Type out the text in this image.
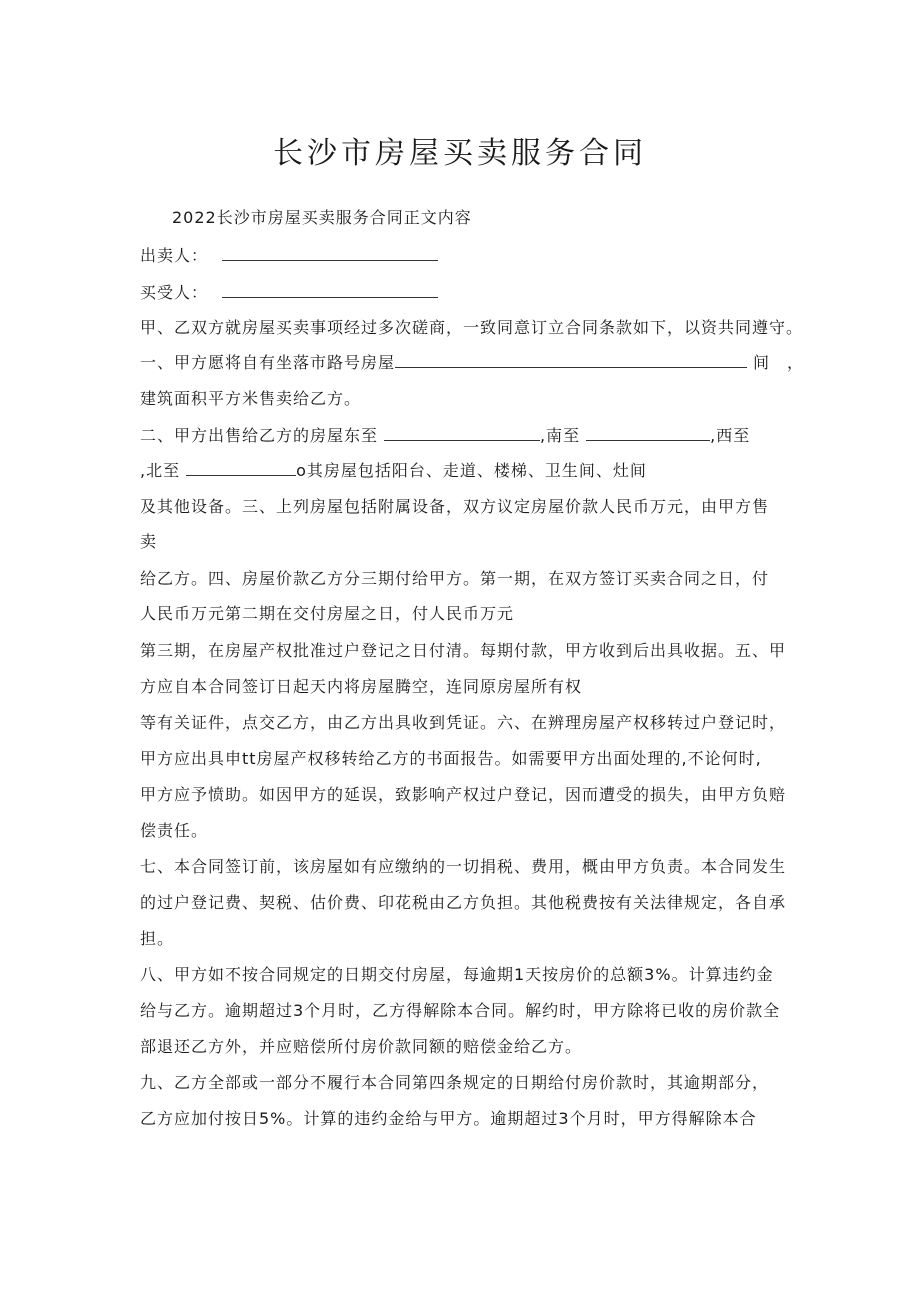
长沙市房屋买卖服务合同
2022长沙市房屋买卖服务合同正文内容
出卖人：
买受人：
甲、乙双方就房屋买卖事项经过多次磋商，一致同意订立合同条款如下，以资共同遵守。
一、甲方愿将自有坐落市路号房屋	间　，
建筑面积平方米售卖给乙方。
二、甲方出售给乙方的房屋东至	,南至	,西至
,北至	o其房屋包括阳台、走道、楼梯、卫生间、灶间
及其他设备。三、上列房屋包括附属设备，双方议定房屋价款人民币万元，由甲方售
卖
给乙方。四、房屋价款乙方分三期付给甲方。第一期，在双方签订买卖合同之日，付
人民币万元第二期在交付房屋之日，付人民币万元
第三期，在房屋产权批准过户登记之日付清。每期付款，甲方收到后出具收据。五、甲
方应自本合同签订日起天内将房屋腾空，连同原房屋所有权
等有关证件，点交乙方，由乙方出具收到凭证。六、在辨理房屋产权移转过户登记时，
甲方应出具申tt房屋产权移转给乙方的书面报告。如需要甲方出面处理的,不论何时,
甲方应予愤助。如因甲方的延误，致影响产权过户登记，因而遭受的损失，由甲方负赔
偿责任。
七、本合同签订前，该房屋如有应缴纳的一切捐税、费用，概由甲方负责。本合同发生
的过户登记费、契税、估价费、印花税由乙方负担。其他税费按有关法律规定，各自承
担。
八、甲方如不按合同规定的日期交付房屋，每逾期1天按房价的总额3%。计算违约金
给与乙方。逾期超过3个月时，乙方得解除本合同。解约时，甲方除将已收的房价款全
部退还乙方外，并应赔偿所付房价款同额的赔偿金给乙方。
九、乙方全部或一部分不履行本合同第四条规定的日期给付房价款时，其逾期部分，
乙方应加付按日5%。计算的违约金给与甲方。逾期超过3个月时，甲方得解除本合
